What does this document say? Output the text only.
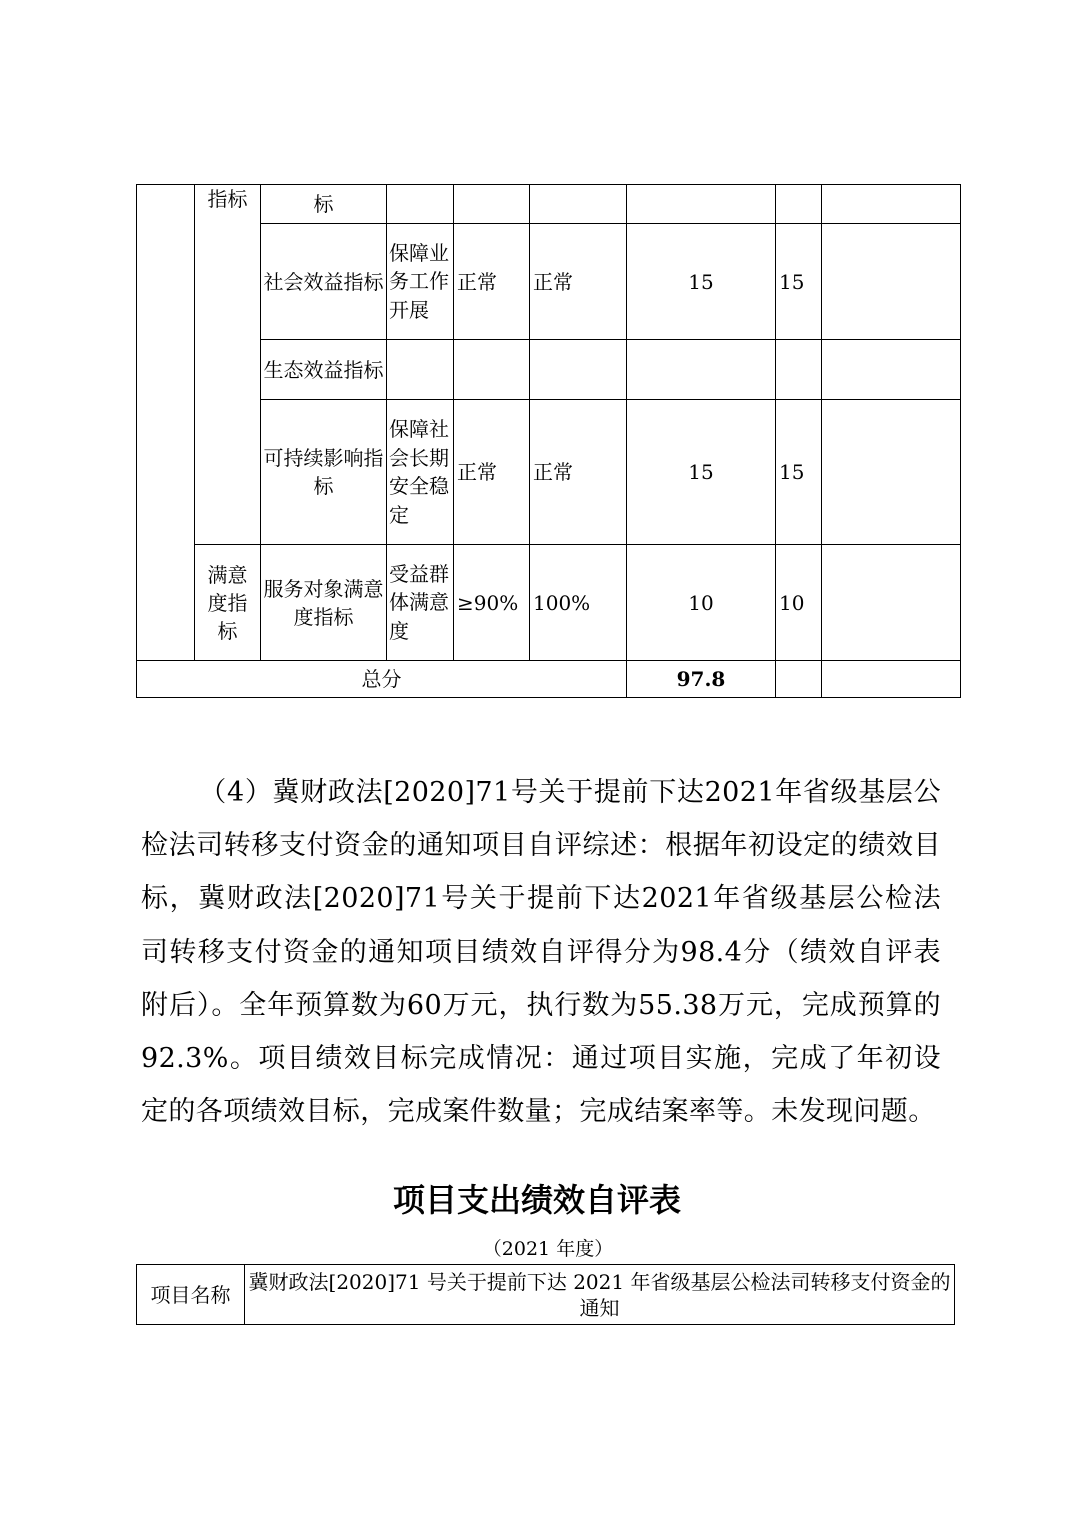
	指标	标						
		社会效益指标	保障业务工作开展	正常	正常	15	15	
		生态效益指标						
		可持续影响指标	保障社会长期安全稳定	正常	正常	15	15	
	满意度指标	服务对象满意度指标	受益群体满意度	≥90%	100%	10	10	
总分						97.8		

（4）冀财政法[2020]71号关于提前下达2021年省级基层公检法司转移支付资金的通知项目自评综述：根据年初设定的绩效目标，冀财政法[2020]71号关于提前下达2021年省级基层公检法司转移支付资金的通知项目绩效自评得分为98.4分（绩效自评表附后）。全年预算数为60万元，执行数为55.38万元，完成预算的92.3%。项目绩效目标完成情况：通过项目实施，完成了年初设定的各项绩效目标，完成案件数量；完成结案率等。未发现问题。

项目支出绩效自评表

（2021 年度）

项目名称	冀财政法[2020]71 号关于提前下达 2021 年省级基层公检法司转移支付资金的通知
